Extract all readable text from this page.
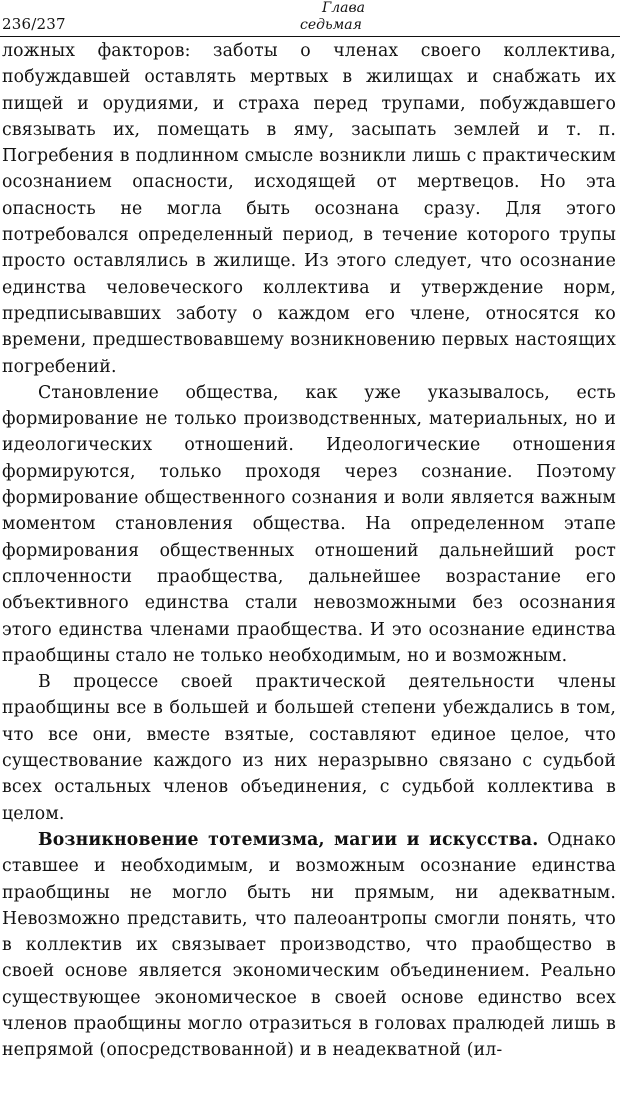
236/237
Глава
седьмая

ложных факторов: заботы о членах своего коллектива, побуждавшей оставлять мертвых в жилищах и снабжать их пищей и орудиями, и страха перед трупами, побуждавшего связывать их, помещать в яму, засыпать землей и т. п. Погребения в подлинном смысле возникли лишь с практическим осознанием опасности, исходящей от мертвецов. Но эта опасность не могла быть осознана сразу. Для этого потребовался определенный период, в течение которого трупы просто оставлялись в жилище. Из этого следует, что осознание единства человеческого коллектива и утверждение норм, предписывавших заботу о каждом его члене, относятся ко времени, предшествовавшему возникновению первых настоящих погребений.

Становление общества, как уже указывалось, есть формирование не только производственных, материальных, но и идеологических отношений. Идеологические отношения формируются, только проходя через сознание. Поэтому формирование общественного сознания и воли является важным моментом становления общества. На определенном этапе формирования общественных отношений дальнейший рост сплоченности праобщества, дальнейшее возрастание его объективного единства стали невозможными без осознания этого единства членами праобщества. И это осознание единства праобщины стало не только необходимым, но и возможным.

В процессе своей практической деятельности члены праобщины все в большей и большей степени убеждались в том, что все они, вместе взятые, составляют единое целое, что существование каждого из них неразрывно связано с судьбой всех остальных членов объединения, с судьбой коллектива в целом.

Возникновение тотемизма, магии и искусства. Однако ставшее и необходимым, и возможным осознание единства праобщины не могло быть ни прямым, ни адекватным. Невозможно представить, что палеоантропы смогли понять, что в коллектив их связывает производство, что праобщество в своей основе является экономическим объединением. Реально существующее экономическое в своей основе единство всех членов праобщины могло отразиться в головах пралюдей лишь в непрямой (опосредствованной) и в неадекватной (ил-
